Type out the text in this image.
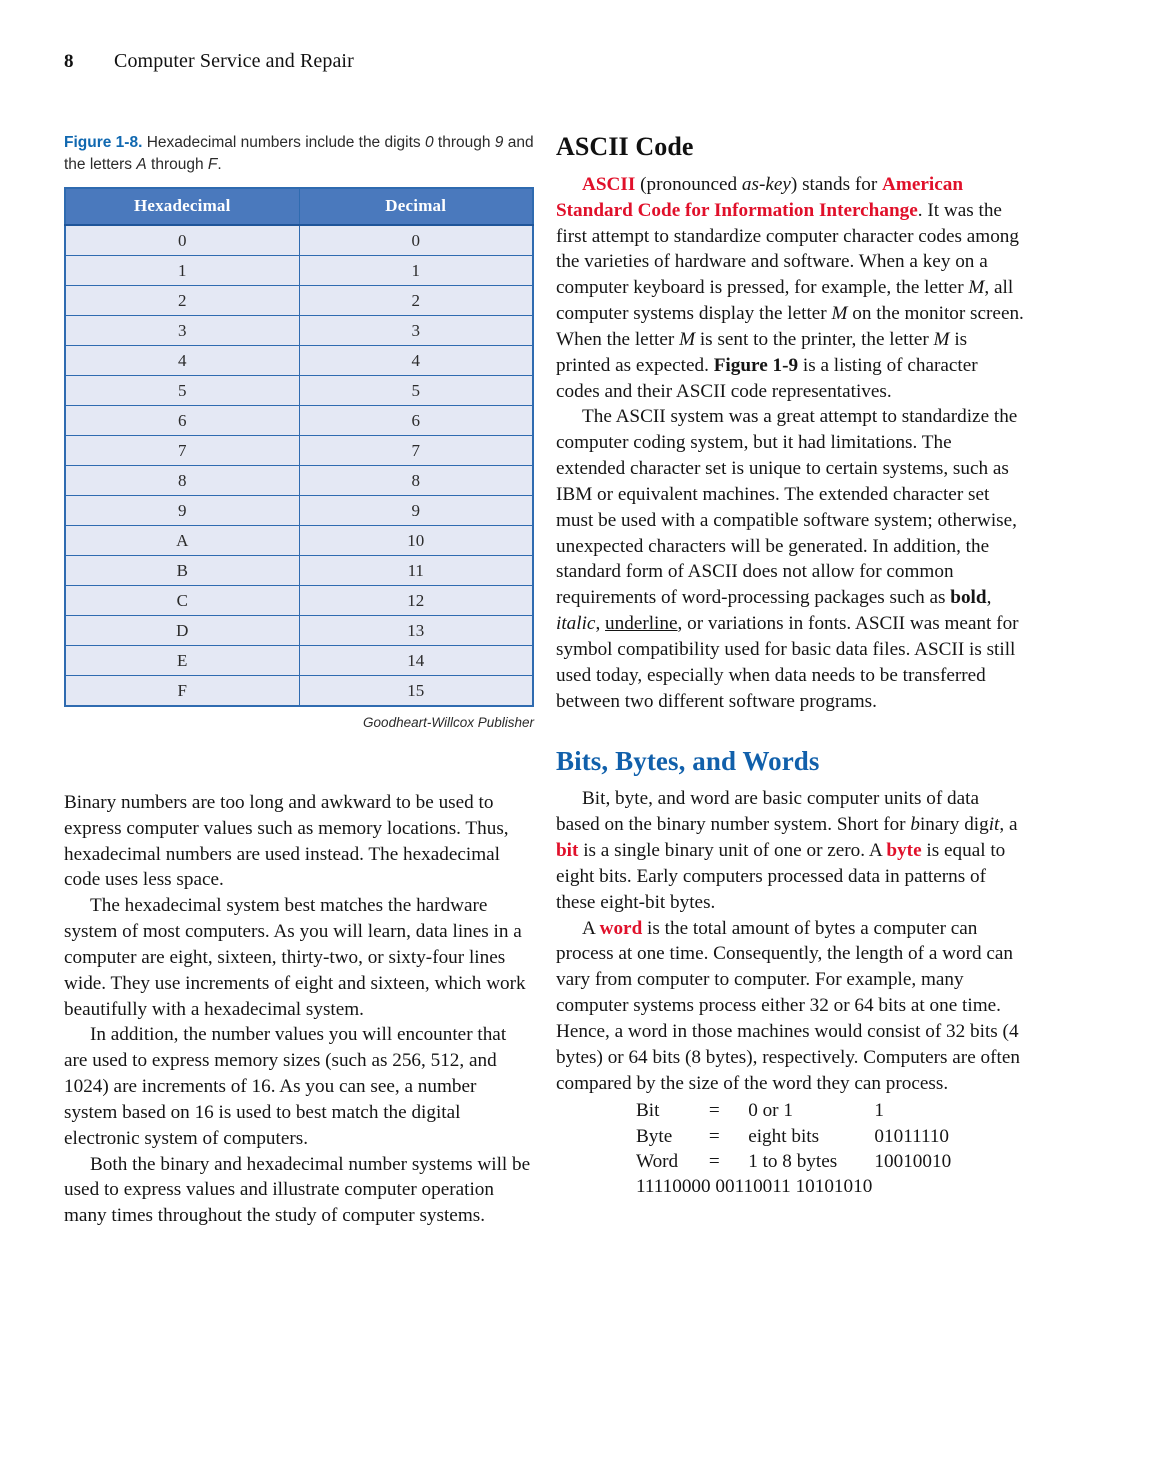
8	Computer Service and Repair
Figure 1-8. Hexadecimal numbers include the digits 0 through 9 and the letters A through F.
Hexadecimal	Decimal
0	0
1	1
2	2
3	3
4	4
5	5
6	6
7	7
8	8
9	9
A	10
B	11
C	12
D	13
E	14
F	15
Goodheart-Willcox Publisher

Binary numbers are too long and awkward to be used to express computer values such as memory locations. Thus, hexadecimal numbers are used instead. The hexadecimal code uses less space.

The hexadecimal system best matches the hardware system of most computers. As you will learn, data lines in a computer are eight, sixteen, thirty-two, or sixty-four lines wide. They use increments of eight and sixteen, which work beautifully with a hexadecimal system.

In addition, the number values you will encounter that are used to express memory sizes (such as 256, 512, and 1024) are increments of 16. As you can see, a number system based on 16 is used to best match the digital electronic system of computers.

Both the binary and hexadecimal number systems will be used to express values and illustrate computer operation many times throughout the study of computer systems.

ASCII Code

ASCII (pronounced as-key) stands for American Standard Code for Information Interchange. It was the first attempt to standardize computer character codes among the varieties of hardware and software. When a key on a computer keyboard is pressed, for example, the letter M, all computer systems display the letter M on the monitor screen. When the letter M is sent to the printer, the letter M is printed as expected. Figure 1-9 is a listing of character codes and their ASCII code representatives.

The ASCII system was a great attempt to standardize the computer coding system, but it had limitations. The extended character set is unique to certain systems, such as IBM or equivalent machines. The extended character set must be used with a compatible software system; otherwise, unexpected characters will be generated. In addition, the standard form of ASCII does not allow for common requirements of word-processing packages such as bold, italic, underline, or variations in fonts. ASCII was meant for symbol compatibility used for basic data files. ASCII is still used today, especially when data needs to be transferred between two different software programs.

Bits, Bytes, and Words

Bit, byte, and word are basic computer units of data based on the binary number system. Short for binary digit, a bit is a single binary unit of one or zero. A byte is equal to eight bits. Early computers processed data in patterns of these eight-bit bytes.

A word is the total amount of bytes a computer can process at one time. Consequently, the length of a word can vary from computer to computer. For example, many computer systems process either 32 or 64 bits at one time. Hence, a word in those machines would consist of 32 bits (4 bytes) or 64 bits (8 bytes), respectively. Computers are often compared by the size of the word they can process.

Bit	=	0 or 1	1
Byte	=	eight bits	01011110
Word	=	1 to 8 bytes	10010010
11110000 00110011 10101010
